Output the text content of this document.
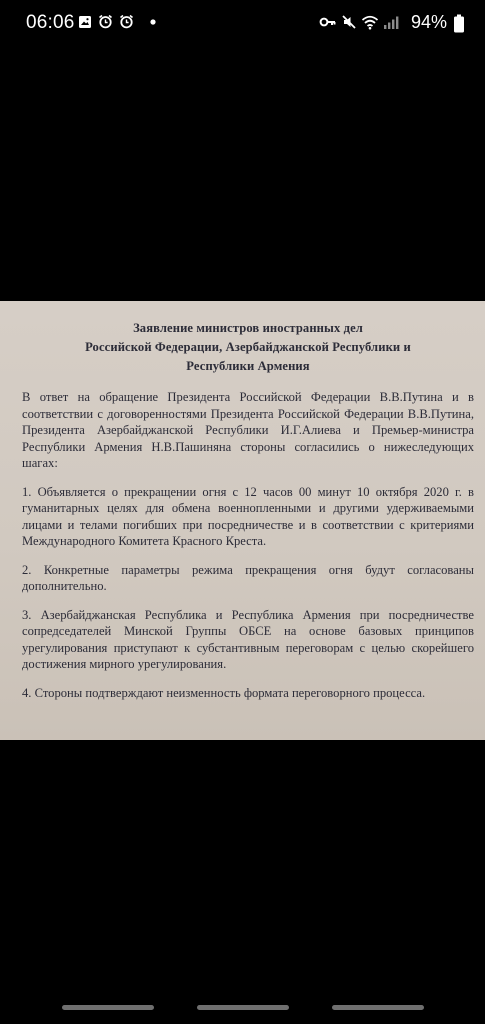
06:06	94%
Заявление министров иностранных дел
Российской Федерации, Азербайджанской Республики и
Республики Армения

В ответ на обращение Президента Российской Федерации В.В.Путина и в соответствии с договоренностями Президента Российской Федерации В.В.Путина, Президента Азербайджанской Республики И.Г.Алиева и Премьер-министра Республики Армения Н.В.Пашиняна стороны согласились о нижеследующих шагах:

1. Объявляется о прекращении огня с 12 часов 00 минут 10 октября 2020 г. в гуманитарных целях для обмена военнопленными и другими удерживаемыми лицами и телами погибших при посредничестве и в соответствии с критериями Международного Комитета Красного Креста.

2. Конкретные параметры режима прекращения огня будут согласованы дополнительно.

3. Азербайджанская Республика и Республика Армения при посредничестве сопредседателей Минской Группы ОБСЕ на основе базовых принципов урегулирования приступают к субстантивным переговорам с целью скорейшего достижения мирного урегулирования.

4. Стороны подтверждают неизменность формата переговорного процесса.
